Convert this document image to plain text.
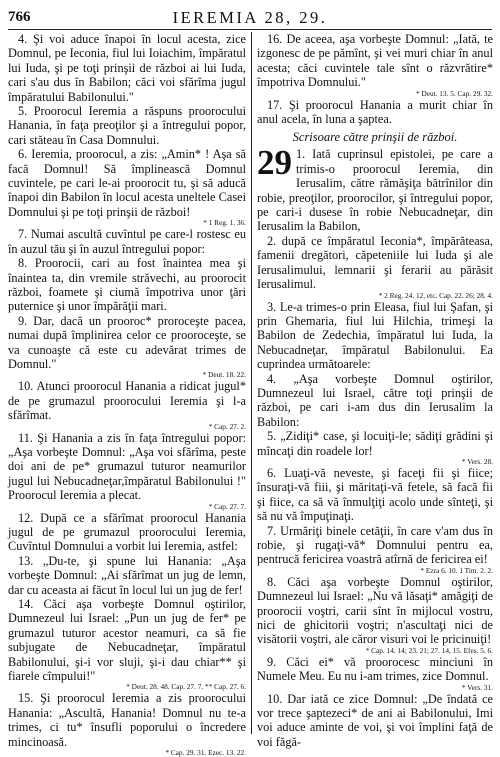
766	IEREMIA 28, 29.

4. Şi voi aduce înapoi în locul acesta, zice Domnul, pe Ieconia, fiul lui Ioiachim, împăratul lui Iuda, şi pe toţi prinşii de război ai lui Iuda, cari s'au dus în Babilon; căci voi sfărîma jugul împăratului Babilonului."

5. Proorocul Ieremia a răspuns proorocului Hanania, în faţa preoţilor şi a întregului popor, cari stăteau în Casa Domnului.

6. Ieremia, proorocul, a zis: „Amin* ! Aşa să facă Domnul! Să împlinească Domnul cuvintele, pe cari le-ai proorocit tu, şi să aducă înapoi din Babilon în locul acesta uneltele Casei Domnului şi pe toţi prinşii de război!

* 1 Reg. 1. 36.

7. Numai ascultă cuvîntul pe care-l rostesc eu în auzul tău şi în auzul întregului popor:

8. Proorocii, cari au fost înaintea mea şi înaintea ta, din vremile străvechi, au proorocit război, foamete şi ciumă împotriva unor ţări puternice şi unor împărăţii mari.

9. Dar, dacă un prooroc* proroceşte pacea, numai după împlinirea celor ce prooroceşte, se va cunoaşte că este cu adevărat trimes de Domnul."

* Deut. 18. 22.

10. Atunci proorocul Hanania a ridicat jugul* de pe grumazul proorocului Ieremia şi l-a sfărîmat.

* Cap. 27. 2.

11. Şi Hanania a zis în faţa întregului popor: „Aşa vorbeşte Domnul: „Aşa voi sfărîma, peste doi ani de pe* grumazul tuturor neamurilor jugul lui Nebucadneţar,împăratul Babilonului !" Proorocul Ieremia a plecat.

* Cap. 27. 7.

12. După ce a sfărîmat proorocul Hanania jugul de pe grumazul proorocului Ieremia, Cuvîntul Domnului a vorbit lui Ieremia, astfel:

13. „Du-te, şi spune lui Hanania: „Aşa vorbeşte Domnul: „Ai sfărîmat un jug de lemn, dar cu aceasta ai făcut în locul lui un jug de fer!

14. Căci aşa vorbeşte Domnul oştirilor, Dumnezeul lui Israel: „Pun un jug de fer* pe grumazul tuturor acestor neamuri, ca să fie subjugate de Nebucadneţar, împăratul Babilonului, şi-i vor sluji, şi-i dau chiar** şi fiarele cîmpului!"

* Deut. 28. 48. Cap. 27. 7. ** Cap. 27. 6.

15. Şi proorocul Ieremia a zis proorocului Hanania: „Ascultă, Hanania! Domnul nu te-a trimes, ci tu* însufli poporului o încredere mincinoasă.

* Cap. 29. 31. Ezec. 13. 22.

16. De aceea, aşa vorbeşte Domnul: „Iată, te izgonesc de pe pămînt, şi vei muri chiar în anul acesta; căci cuvintele tale sînt o răzvrătire* împotriva Domnului."

* Deut. 13. 5. Cap. 29. 32.

17. Şi proorocul Hanania a murit chiar în anul acela, în luna a şaptea.

Scrisoare către prinşii de război.
29 1. Iată cuprinsul epistolei, pe care a trimis-o proorocul Ieremia, din Ierusalim, către rămăşiţa bătrînilor din robie, preoţilor, proorocilor, şi întregului popor, pe cari-i dusese în robie Nebucadneţar, din Ierusalim la Babilon,

2. după ce împăratul Ieconia*, împărăteasa, famenii dregători, căpeteniile lui Iuda şi ale Ierusalimului, lemnarii şi ferarii au părăsit Ierusalimul.

* 2 Reg. 24. 12, etc. Cap. 22. 26; 28. 4.

3. Le-a trimes-o prin Eleasa, fiul lui Şafan, şi prin Ghemaria, fiul lui Hilchia, trimeşi la Babilon de Zedechia, împăratul lui Iuda, la Nebucadneţar, împăratul Babilonului. Ea cuprindea următoarele:

4. „Aşa vorbeşte Domnul oştirilor, Dumnezeul lui Israel, către toţi prinşii de război, pe cari i-am dus din Ierusalim la Babilon:

5. „Zidiţi* case, şi locuiţi-le; sădiţi grădini şi mîncaţi din roadele lor!

* Vers. 28.

6. Luaţi-vă neveste, şi faceţi fii şi fiice; însuraţi-vă fiii, şi măritaţi-vă fetele, să facă fii şi fiice, ca să vă înmulţiţi acolo unde sînteţi, şi să nu vă împuţinaţi.

7. Urmăriţi binele cetăţii, în care v'am dus în robie, şi rugaţi-vă* Domnului pentru ea, pentrucă fericirea voastră atîrnă de fericirea ei!

* Ezra 6. 10. 1 Tim. 2. 2.

8. Căci aşa vorbeşte Domnul oştirilor, Dumnezeul lui Israel: „Nu vă lăsaţi* amăgiţi de proorocii voştri, carii sînt în mijlocul vostru, nici de ghicitorii voştri; n'ascultaţi nici de visătorii voştri, ale căror visuri voi le pricinuiţi!

* Cap. 14. 14; 23. 21; 27. 14, 15. Efes. 5. 6.

9. Căci ei* vă proorocesc minciuni în Numele Meu. Eu nu i-am trimes, zice Domnul.

* Vers. 31.

10. Dar iată ce zice Domnul: „De îndată ce vor trece şaptezeci* de ani ai Babilonului, Imi voi aduce aminte de voi, şi voi împlini faţă de voi făgă-
